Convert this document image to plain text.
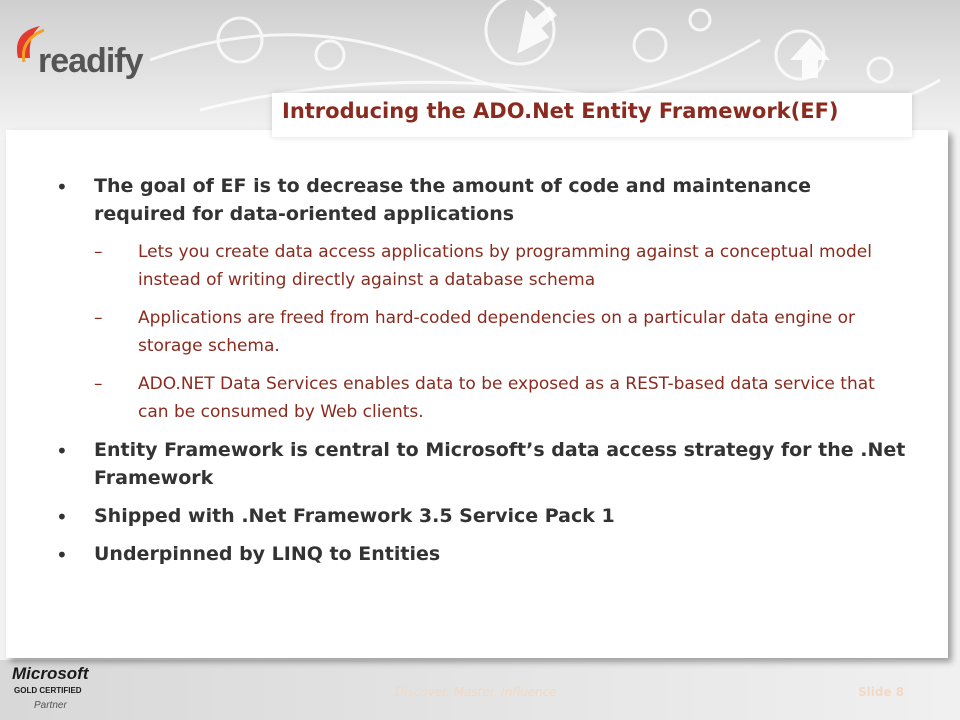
readify
Introducing the ADO.Net Entity Framework(EF)
•	The goal of EF is to decrease the amount of code and maintenance required for data-oriented applications
–	Lets you create data access applications by programming against a conceptual model instead of writing directly against a database schema
–	Applications are freed from hard-coded dependencies on a particular data engine or storage schema.
–	ADO.NET Data Services enables data to be exposed as a REST-based data service that can be consumed by Web clients.
•	Entity Framework is central to Microsoft’s data access strategy for the .Net Framework
•	Shipped with .Net Framework 3.5 Service Pack 1
•	Underpinned by LINQ to Entities
Microsoft
GOLD CERTIFIED
Partner
Discover, Master, Influence	Slide 8
